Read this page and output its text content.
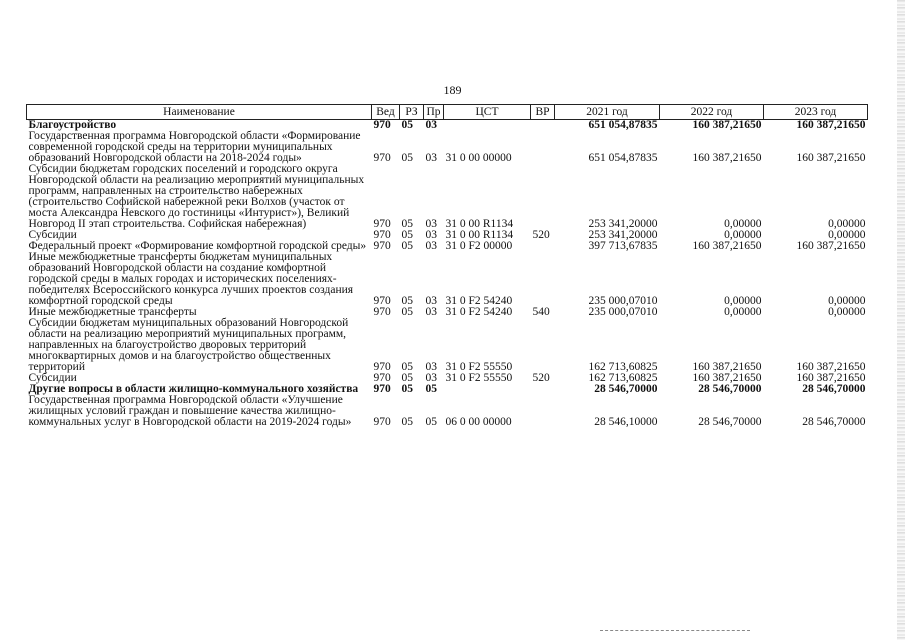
189
Наименование	Вед	РЗ	Пр	ЦСТ	ВР	2021 год	2022 год	2023 год
Благоустройство	970	05	03			651 054,87835	160 387,21650	160 387,21650
Государственная программа Новгородской области «Формирование современной городской среды на территории муниципальных образований Новгородской области на 2018-2024 годы»	970	05	03	31 0 00 00000		651 054,87835	160 387,21650	160 387,21650
Субсидии бюджетам городских поселений и городского округа Новгородской области на реализацию мероприятий муниципальных программ, направленных на строительство набережных (строительство Софийской набережной реки Волхов (участок от моста Александра Невского до гостиницы «Интурист»), Великий Новгород II этап строительства. Софийская набережная)	970	05	03	31 0 00 R1134		253 341,20000	0,00000	0,00000
Субсидии	970	05	03	31 0 00 R1134	520	253 341,20000	0,00000	0,00000
Федеральный проект «Формирование комфортной городской среды»	970	05	03	31 0 F2 00000		397 713,67835	160 387,21650	160 387,21650
Иные межбюджетные трансферты бюджетам муниципальных образований Новгородской области на создание комфортной городской среды в малых городах и исторических поселениях-победителях Всероссийского конкурса лучших проектов создания комфортной городской среды	970	05	03	31 0 F2 54240		235 000,07010	0,00000	0,00000
Иные межбюджетные трансферты	970	05	03	31 0 F2 54240	540	235 000,07010	0,00000	0,00000
Субсидии бюджетам муниципальных образований Новгородской области на реализацию мероприятий муниципальных программ, направленных на благоустройство дворовых территорий многоквартирных домов и на благоустройство общественных территорий	970	05	03	31 0 F2 55550		162 713,60825	160 387,21650	160 387,21650
Субсидии	970	05	03	31 0 F2 55550	520	162 713,60825	160 387,21650	160 387,21650
Другие вопросы в области жилищно-коммунального хозяйства	970	05	05			28 546,70000	28 546,70000	28 546,70000
Государственная программа Новгородской области «Улучшение жилищных условий граждан и повышение качества жилищно-коммунальных услуг в Новгородской области на 2019-2024 годы»	970	05	05	06 0 00 00000		28 546,10000	28 546,70000	28 546,70000
